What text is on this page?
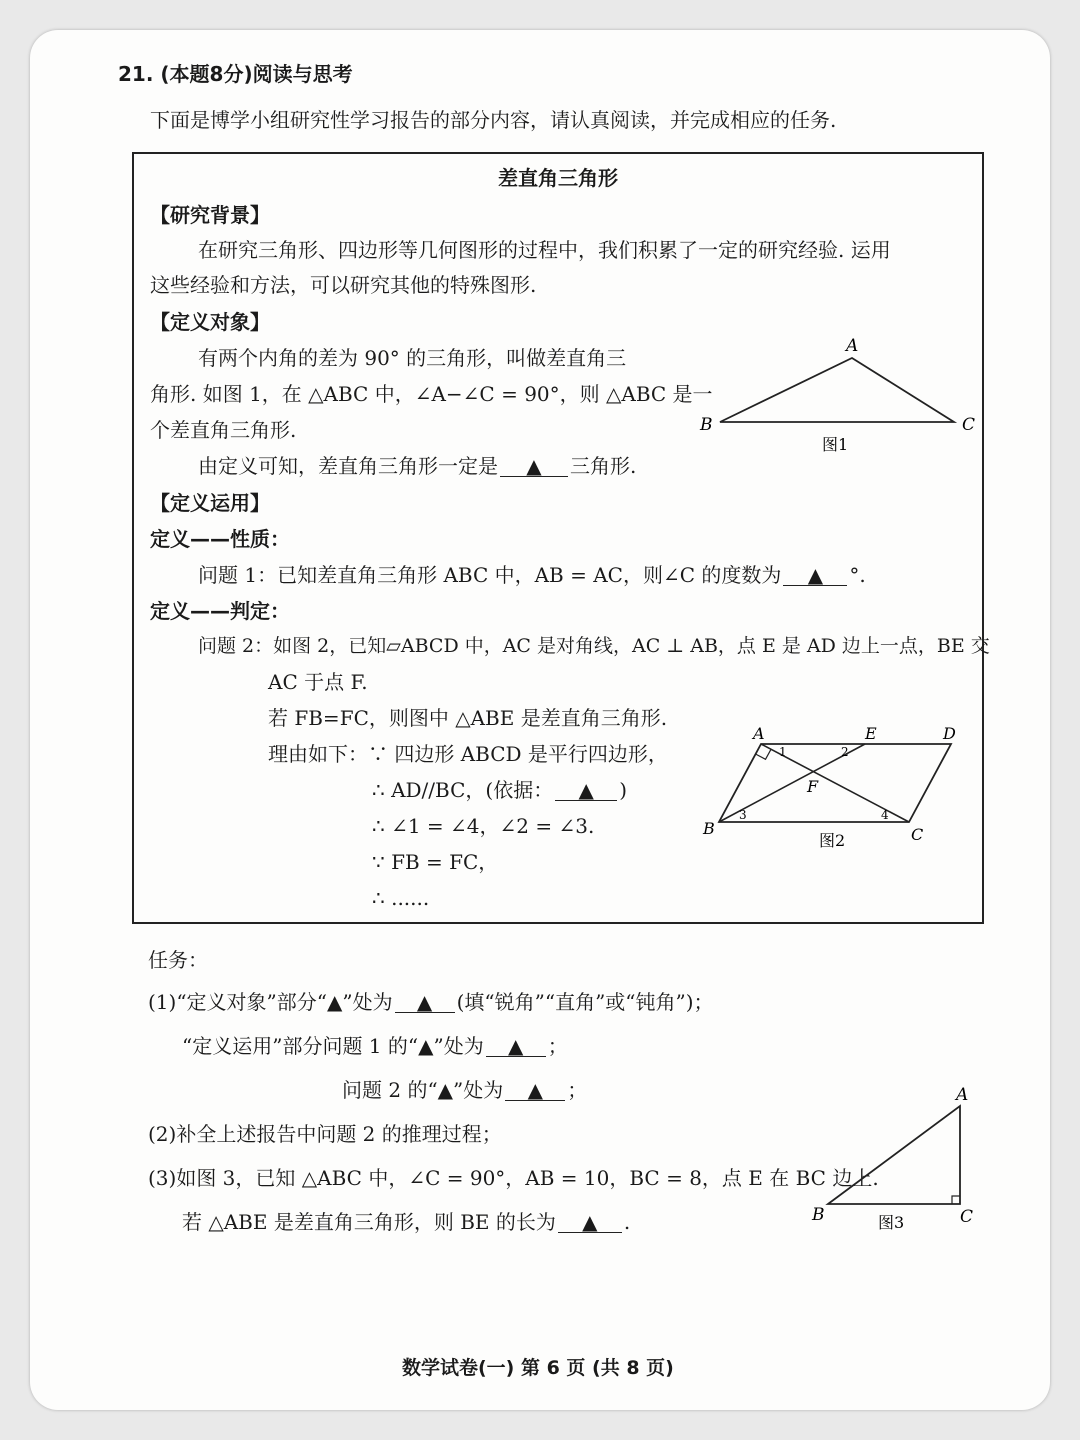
21. (本题8分)阅读与思考
下面是博学小组研究性学习报告的部分内容，请认真阅读，并完成相应的任务.
差直角三角形
【研究背景】
在研究三角形、四边形等几何图形的过程中，我们积累了一定的研究经验. 运用
这些经验和方法，可以研究其他的特殊图形.
【定义对象】
有两个内角的差为 90° 的三角形，叫做差直角三
角形. 如图 1，在 △ABC 中，∠A−∠C = 90°，则 △ABC 是一
个差直角三角形.
由定义可知，差直角三角形一定是 ▲ 三角形.
【定义运用】
定义——性质：
问题 1：已知差直角三角形 ABC 中，AB = AC，则∠C 的度数为 ▲ °.
定义——判定：
问题 2：如图 2，已知▱ABCD 中，AC 是对角线，AC ⊥ AB，点 E 是 AD 边上一点，BE 交
AC 于点 F.
若 FB=FC，则图中 △ABE 是差直角三角形.
理由如下：∵ 四边形 ABCD 是平行四边形，
∴ AD//BC，(依据： ▲ )
∴ ∠1 = ∠4，∠2 = ∠3.
∵ FB = FC，
∴ ......
A
B	C
图1
A	D
E
B	C
F
1	2
3	4
图2
任务：
(1)“定义对象”部分“▲”处为 ▲ (填“锐角”“直角”或“钝角”)；
“定义运用”部分问题 1 的“▲”处为 ▲ ；
问题 2 的“▲”处为 ▲ ；
(2)补全上述报告中问题 2 的推理过程；
(3)如图 3，已知 △ABC 中，∠C = 90°，AB = 10，BC = 8，点 E 在 BC 边上.
若 △ABE 是差直角三角形，则 BE 的长为 ▲ .
A
B	C
图3
数学试卷(一) 第 6 页 (共 8 页)
